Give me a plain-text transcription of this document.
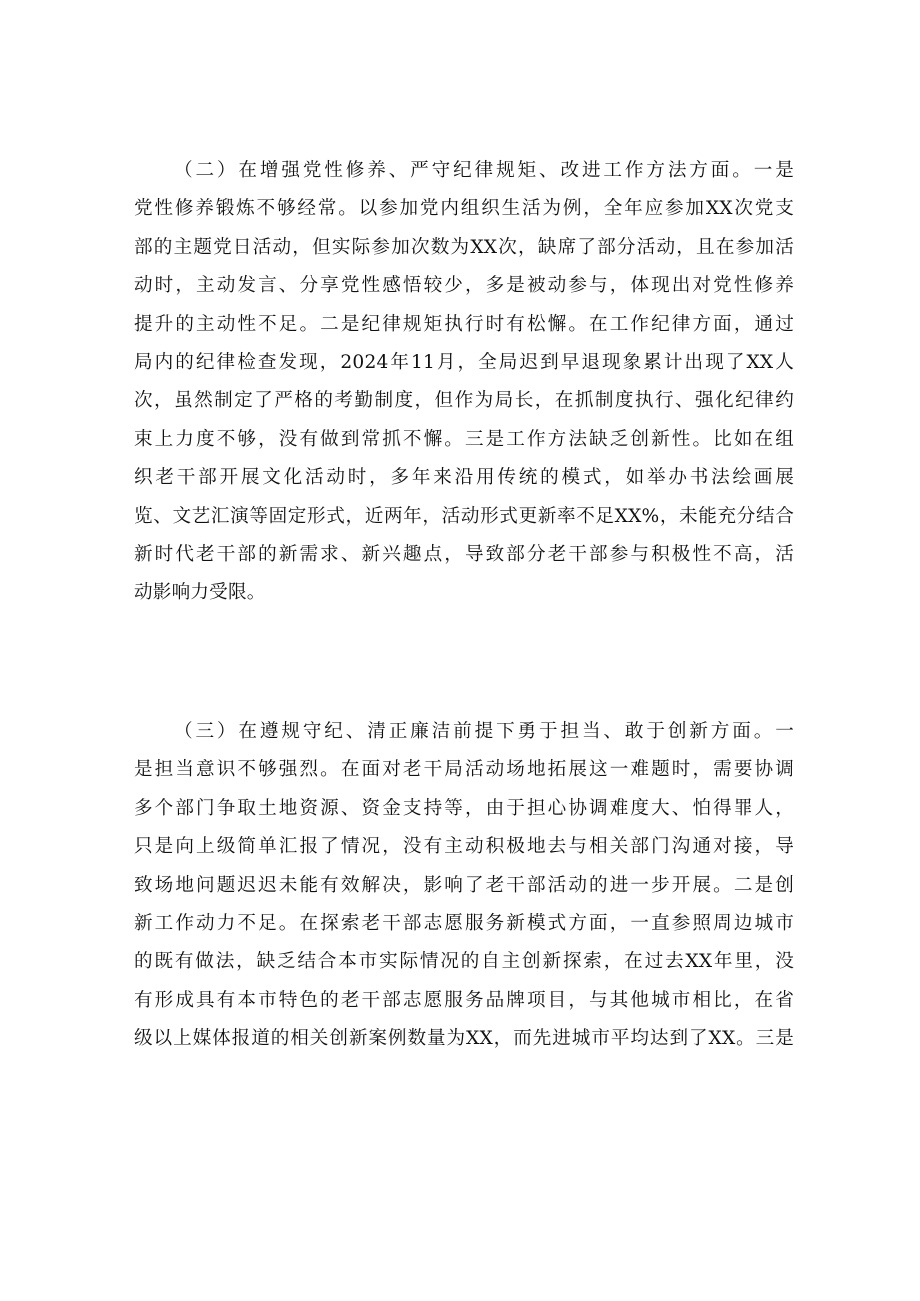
（二）在增强党性修养、严守纪律规矩、改进工作方法方面。一是
党性修养锻炼不够经常。以参加党内组织生活为例，全年应参加XX次党支
部的主题党日活动，但实际参加次数为XX次，缺席了部分活动，且在参加活
动时，主动发言、分享党性感悟较少，多是被动参与，体现出对党性修养
提升的主动性不足。二是纪律规矩执行时有松懈。在工作纪律方面，通过
局内的纪律检查发现，2024年11月，全局迟到早退现象累计出现了XX人
次，虽然制定了严格的考勤制度，但作为局长，在抓制度执行、强化纪律约
束上力度不够，没有做到常抓不懈。三是工作方法缺乏创新性。比如在组
织老干部开展文化活动时，多年来沿用传统的模式，如举办书法绘画展
览、文艺汇演等固定形式，近两年，活动形式更新率不足XX%，未能充分结合
新时代老干部的新需求、新兴趣点，导致部分老干部参与积极性不高，活
动影响力受限。
（三）在遵规守纪、清正廉洁前提下勇于担当、敢于创新方面。一
是担当意识不够强烈。在面对老干局活动场地拓展这一难题时，需要协调
多个部门争取土地资源、资金支持等，由于担心协调难度大、怕得罪人，
只是向上级简单汇报了情况，没有主动积极地去与相关部门沟通对接，导
致场地问题迟迟未能有效解决，影响了老干部活动的进一步开展。二是创
新工作动力不足。在探索老干部志愿服务新模式方面，一直参照周边城市
的既有做法，缺乏结合本市实际情况的自主创新探索，在过去XX年里，没
有形成具有本市特色的老干部志愿服务品牌项目，与其他城市相比，在省
级以上媒体报道的相关创新案例数量为XX，而先进城市平均达到了XX。三是
